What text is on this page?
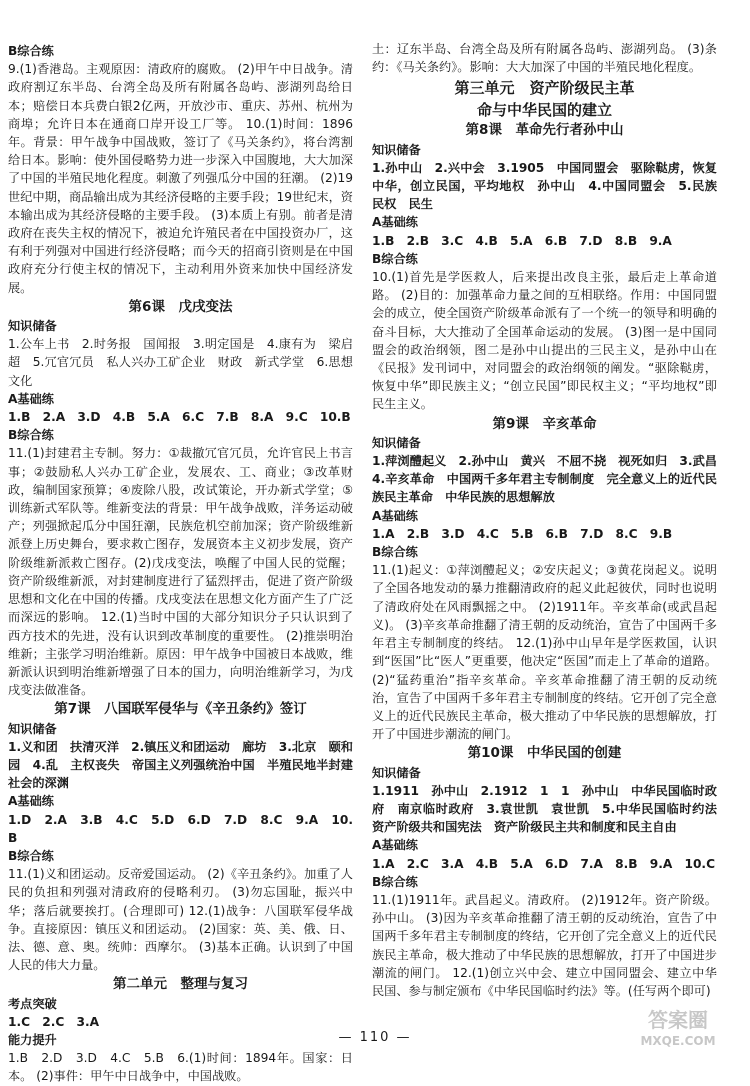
B综合练

9.(1)香港岛。主观原因：清政府的腐败。 (2)甲午中日战争。清政府割辽东半岛、台湾全岛及所有附属各岛屿、澎湖列岛给日本；赔偿日本兵费白银2亿两，开放沙市、重庆、苏州、杭州为商埠；允许日本在通商口岸开设工厂等。 10.(1)时间：1896年。背景：甲午战争中国战败，签订了《马关条约》，将台湾割给日本。影响：使外国侵略势力进一步深入中国腹地，大大加深了中国的半殖民地化程度。刺激了列强瓜分中国的狂潮。 (2)19世纪中期，商品输出成为其经济侵略的主要手段；19世纪末，资本输出成为其经济侵略的主要手段。 (3)本质上有别。前者是清政府在丧失主权的情况下，被迫允许殖民者在中国投资办厂，这有利于列强对中国进行经济侵略；而今天的招商引资则是在中国政府充分行使主权的情况下，主动利用外资来加快中国经济发展。

第6课　戊戌变法
知识储备

1.公车上书　2.时务报　国闻报　3.明定国是　4.康有为　梁启超　5.冗官冗员　私人兴办工矿企业　财政　新式学堂　6.思想文化

A基础练

1.B　2.A　3.D　4.B　5.A　6.C　7.B　8.A　9.C　10.B

B综合练

11.(1)封建君主专制。努力：①裁撤冗官冗员，允许官民上书言事；②鼓励私人兴办工矿企业，发展农、工、商业；③改革财政，编制国家预算；④废除八股，改试策论，开办新式学堂；⑤训练新式军队等。维新变法的背景：甲午战争战败，洋务运动破产；列强掀起瓜分中国狂潮，民族危机空前加深；资产阶级维新派登上历史舞台，要求救亡图存，发展资本主义初步发展，资产阶级维新派救亡图存。(2)戊戌变法，唤醒了中国人民的觉醒；资产阶级维新派，对封建制度进行了猛烈抨击，促进了资产阶级思想和文化在中国的传播。戊戌变法在思想文化方面产生了广泛而深远的影响。 12.(1)当时中国的大部分知识分子只认识到了西方技术的先进，没有认识到改革制度的重要性。 (2)推崇明治维新；主张学习明治维新。原因：甲午战争中国被日本战败，维新派认识到明治维新增强了日本的国力，向明治维新学习，为戊戌变法做准备。

第7课　八国联军侵华与《辛丑条约》签订
知识储备

1.义和团　扶清灭洋　2.镇压义和团运动　廊坊　3.北京　颐和园　4.乱　主权丧失　帝国主义列强统治中国　半殖民地半封建社会的深渊

A基础练

1.D　2.A　3.B　4.C　5.D　6.D　7.D　8.C　9.A　10.B

B综合练

11.(1)义和团运动。反帝爱国运动。 (2)《辛丑条约》。加重了人民的负担和列强对清政府的侵略利刃。 (3)勿忘国耻，振兴中华；落后就要挨打。(合理即可) 12.(1)战争：八国联军侵华战争。直接原因：镇压义和团运动。 (2)国家：英、美、俄、日、法、德、意、奥。统帅：西摩尔。 (3)基本正确。认识到了中国人民的伟大力量。

第二单元　整理与复习
考点突破

1.C　2.C　3.A

能力提升

1.B　2.D　3.D　4.C　5.B　6.(1)时间：1894年。国家：日本。 (2)事件：甲午中日战争中，中国战败。

土：辽东半岛、台湾全岛及所有附属各岛屿、澎湖列岛。 (3)条约：《马关条约》。影响：大大加深了中国的半殖民地化程度。

第三单元　资产阶级民主革
命与中华民国的建立
第8课　革命先行者孙中山
知识储备

1.孙中山　2.兴中会　3.1905　中国同盟会　驱除鞑虏，恢复中华，创立民国，平均地权　孙中山　4.中国同盟会　5.民族　民权　民生

A基础练

1.B　2.B　3.C　4.B　5.A　6.B　7.D　8.B　9.A

B综合练

10.(1)首先是学医救人，后来提出改良主张，最后走上革命道路。 (2)目的：加强革命力量之间的互相联络。作用：中国同盟会的成立，使全国资产阶级革命派有了一个统一的领导和明确的奋斗目标，大大推动了全国革命运动的发展。 (3)图一是中国同盟会的政治纲领，图二是孙中山提出的三民主义，是孙中山在《民报》发刊词中，对同盟会的政治纲领的阐发。“驱除鞑虏，恢复中华”即民族主义；“创立民国”即民权主义；“平均地权”即民生主义。

第9课　辛亥革命
知识储备

1.萍浏醴起义　2.孙中山　黄兴　不屈不挠　视死如归　3.武昌　4.辛亥革命　中国两千多年君主专制制度　完全意义上的近代民族民主革命　中华民族的思想解放

A基础练

1.A　2.B　3.D　4.C　5.B　6.B　7.D　8.C　9.B

B综合练

11.(1)起义：①萍浏醴起义；②安庆起义；③黄花岗起义。说明了全国各地发动的暴力推翻清政府的起义此起彼伏，同时也说明了清政府处在风雨飘摇之中。 (2)1911年。辛亥革命(或武昌起义)。 (3)辛亥革命推翻了清王朝的反动统治，宣告了中国两千多年君主专制制度的终结。 12.(1)孙中山早年是学医救国，认识到“医国”比“医人”更重要，他决定“医国”而走上了革命的道路。 (2)“猛药重治”指辛亥革命。辛亥革命推翻了清王朝的反动统治，宣告了中国两千多年君主专制制度的终结。它开创了完全意义上的近代民族民主革命，极大推动了中华民族的思想解放，打开了中国进步潮流的闸门。

第10课　中华民国的创建
知识储备

1.1911　孙中山　2.1912　1　1　孙中山　中华民国临时政府　南京临时政府　3.袁世凯　袁世凯　5.中华民国临时约法　资产阶级共和国宪法　资产阶级民主共和制度和民主自由

A基础练

1.A　2.C　3.A　4.B　5.A　6.D　7.A　8.B　9.A　10.C

B综合练

11.(1)1911年。武昌起义。清政府。 (2)1912年。资产阶级。孙中山。 (3)因为辛亥革命推翻了清王朝的反动统治，宣告了中国两千多年君主专制制度的终结，它开创了完全意义上的近代民族民主革命，极大推动了中华民族的思想解放，打开了中国进步潮流的闸门。 12.(1)创立兴中会、建立中国同盟会、建立中华民国、参与制定颁布《中华民国临时约法》等。(任写两个即可)

— 110 —
答案圈
MXQE.COM
